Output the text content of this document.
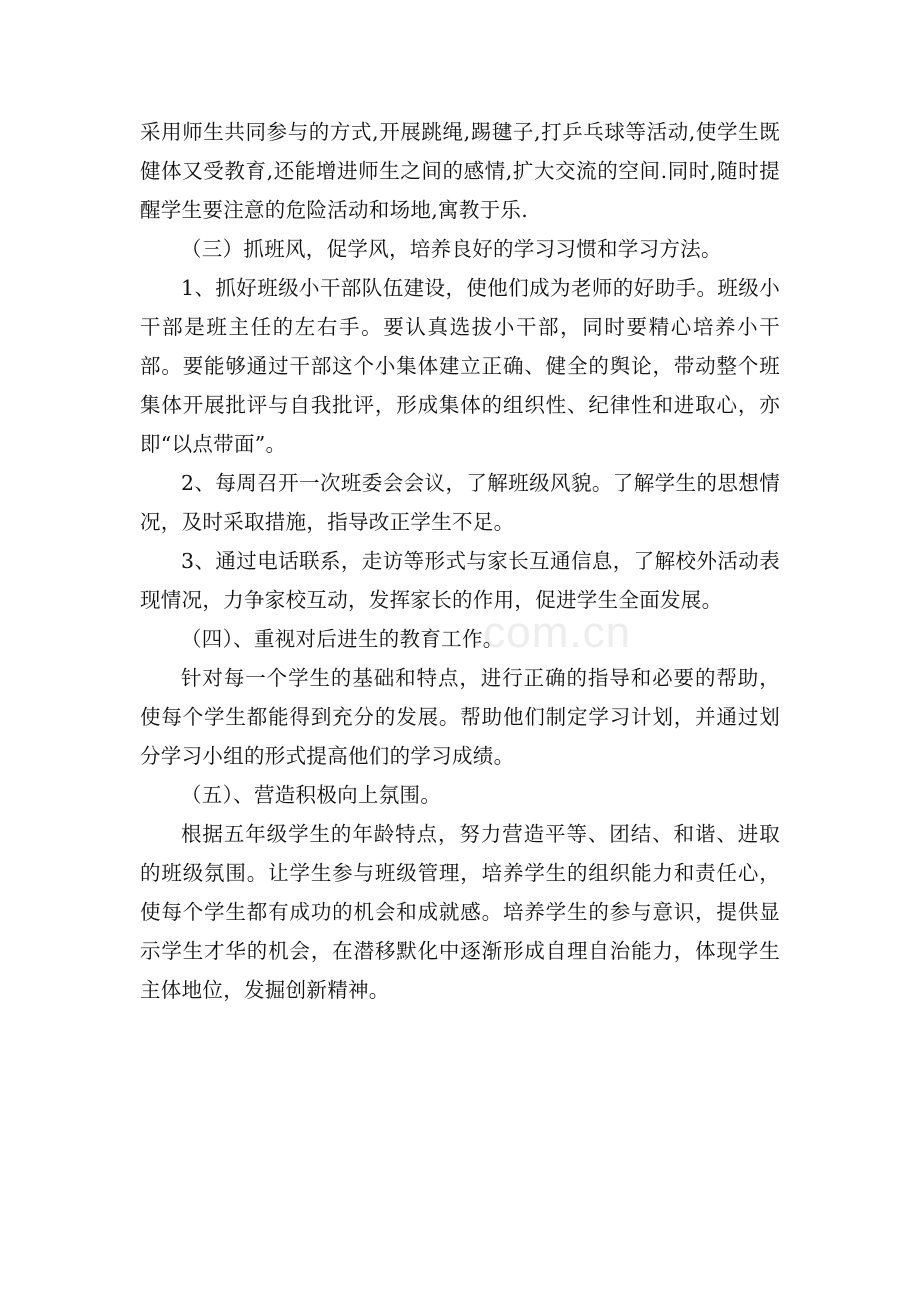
.com.cn

采用师生共同参与的方式,开展跳绳,踢毽子,打乒乓球等活动,使学生既健体又受教育,还能增进师生之间的感情,扩大交流的空间.同时,随时提醒学生要注意的危险活动和场地,寓教于乐.

（三）抓班风，促学风，培养良好的学习习惯和学习方法。

1、抓好班级小干部队伍建设，使他们成为老师的好助手。班级小干部是班主任的左右手。要认真选拔小干部，同时要精心培养小干部。要能够通过干部这个小集体建立正确、健全的舆论，带动整个班集体开展批评与自我批评，形成集体的组织性、纪律性和进取心，亦即“以点带面”。

2、每周召开一次班委会会议，了解班级风貌。了解学生的思想情况，及时采取措施，指导改正学生不足。

3、通过电话联系，走访等形式与家长互通信息，了解校外活动表现情况，力争家校互动，发挥家长的作用，促进学生全面发展。

（四）、重视对后进生的教育工作。

针对每一个学生的基础和特点，进行正确的指导和必要的帮助，使每个学生都能得到充分的发展。帮助他们制定学习计划，并通过划分学习小组的形式提高他们的学习成绩。

（五）、营造积极向上氛围。

根据五年级学生的年龄特点，努力营造平等、团结、和谐、进取的班级氛围。让学生参与班级管理，培养学生的组织能力和责任心，使每个学生都有成功的机会和成就感。培养学生的参与意识，提供显示学生才华的机会，在潜移默化中逐渐形成自理自治能力，体现学生主体地位，发掘创新精神。
